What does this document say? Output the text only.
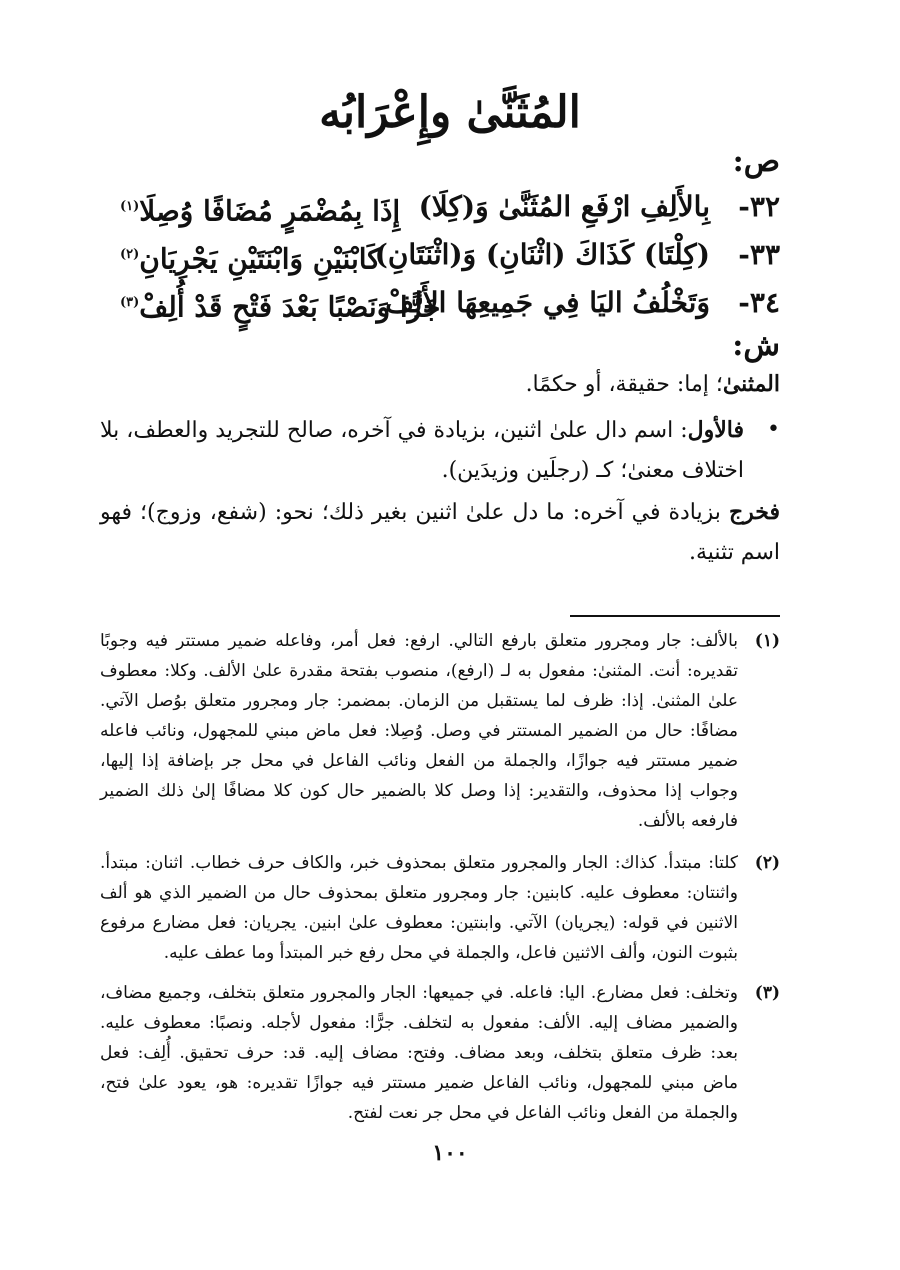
المُثَنَّىٰ وإِعْرَابُه
ص:
٣٢-
بِالأَلِفِ ارْفَعِ المُثَنَّىٰ وَ(كِلَا)
إِذَا بِمُضْمَرٍ مُضَافًا وُصِلَا$^{(١)}$
٣٣-
(كِلْتَا) كَذَاكَ (اثْنَانِ) وَ(اثْنَتَانِ)
كَابْنَيْنِ وَابْنَتَيْنِ يَجْرِيَانِ$^{(٢)}$
٣٤-
وَتَخْلُفُ اليَا فِي جَمِيعِهَا الأَلِفْ
جَرًّا وَنَصْبًا بَعْدَ فَتْحٍ قَدْ أُلِفْ$^{(٣)}$
ش:
المثنىٰ؛ إما: حقيقة، أو حكمًا.
•
فالأول: اسم دال علىٰ اثنين، بزيادة في آخره، صالح للتجريد والعطف، بلا اختلاف معنىٰ؛ كـ (رجلَين وزيدَين).
فخرج بزيادة في آخره: ما دل علىٰ اثنين بغير ذلك؛ نحو: (شفع، وزوج)؛ فهو اسم تثنية.
(١)
بالألف: جار ومجرور متعلق بارفع التالي. ارفع: فعل أمر، وفاعله ضمير مستتر فيه وجوبًا تقديره: أنت. المثنىٰ: مفعول به لـ (ارفع)، منصوب بفتحة مقدرة علىٰ الألف. وكلا: معطوف علىٰ المثنىٰ. إذا: ظرف لما يستقبل من الزمان. بمضمر: جار ومجرور متعلق بوُصل الآتي. مضافًا: حال من الضمير المستتر في وصل. وُصِلا: فعل ماض مبني للمجهول، ونائب فاعله ضمير مستتر فيه جوازًا، والجملة من الفعل ونائب الفاعل في محل جر بإضافة إذا إليها، وجواب إذا محذوف، والتقدير: إذا وصل كلا بالضمير حال كون كلا مضافًا إلىٰ ذلك الضمير فارفعه بالألف.
(٢)
كلتا: مبتدأ. كذاك: الجار والمجرور متعلق بمحذوف خبر، والكاف حرف خطاب. اثنان: مبتدأ. واثنتان: معطوف عليه. كابنين: جار ومجرور متعلق بمحذوف حال من الضمير الذي هو ألف الاثنين في قوله: (يجريان) الآتي. وابنتين: معطوف علىٰ ابنين. يجريان: فعل مضارع مرفوع بثبوت النون، وألف الاثنين فاعل، والجملة في محل رفع خبر المبتدأ وما عطف عليه.
(٣)
وتخلف: فعل مضارع. اليا: فاعله. في جميعها: الجار والمجرور متعلق بتخلف، وجميع مضاف، والضمير مضاف إليه. الألف: مفعول به لتخلف. جرًّا: مفعول لأجله. ونصبًا: معطوف عليه. بعد: ظرف متعلق بتخلف، وبعد مضاف. وفتح: مضاف إليه. قد: حرف تحقيق. أُلِف: فعل ماض مبني للمجهول، ونائب الفاعل ضمير مستتر فيه جوازًا تقديره: هو، يعود علىٰ فتح، والجملة من الفعل ونائب الفاعل في محل جر نعت لفتح.
١٠٠
